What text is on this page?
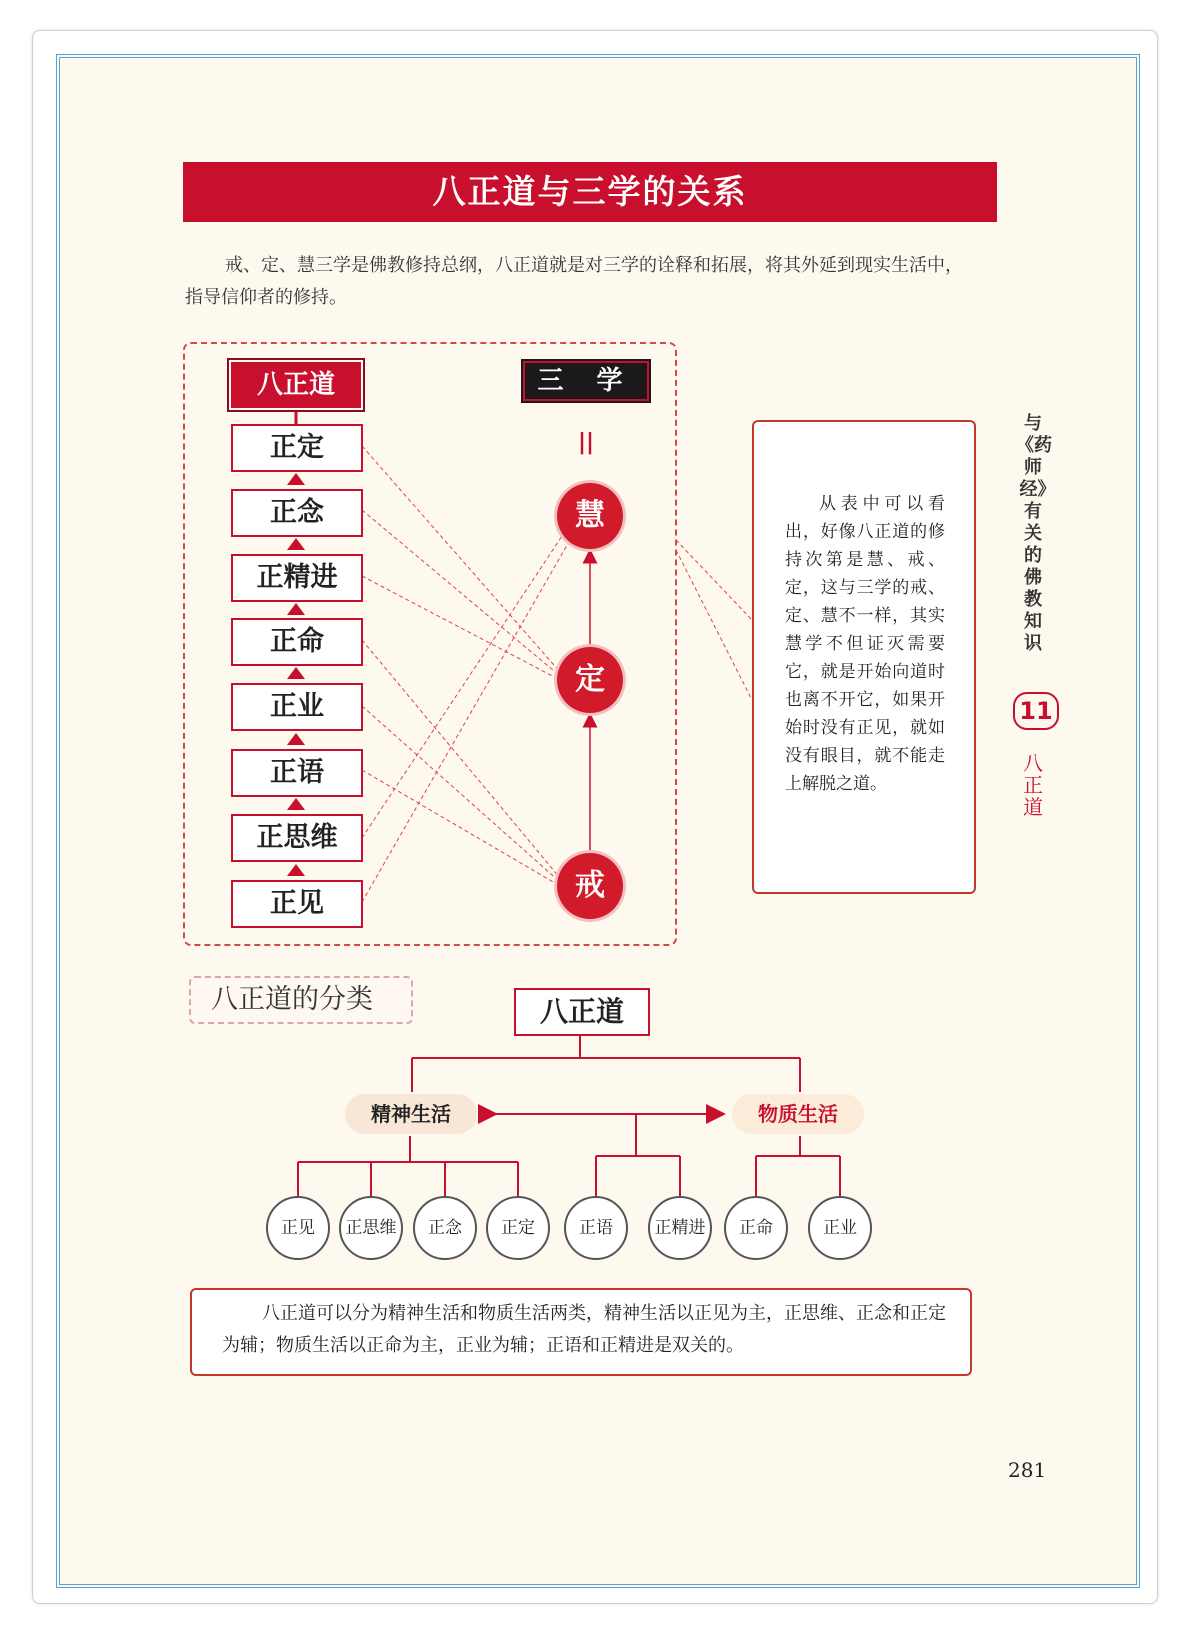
八正道与三学的关系
戒、定、慧三学是佛教修持总纲，八正道就是对三学的诠释和拓展，将其外延到现实生活中，指导信仰者的修持。
八正道	三 学
||
正定
正念
正精进
正命
正业
正语
正思维
正见
慧
定
戒
从表中可以看出，好像八正道的修持次第是慧、戒、定，这与三学的戒、定、慧不一样，其实慧学不但证灭需要它，就是开始向道时也离不开它，如果开始时没有正见，就如没有眼目，就不能走上解脱之道。
与《药师经》有关的佛教知识
11
八正道
八正道的分类	八正道
精神生活	物质生活
正见	正思维	正念	正定	正语	正精进	正命	正业
八正道可以分为精神生活和物质生活两类，精神生活以正见为主，正思维、正念和正定为辅；物质生活以正命为主，正业为辅；正语和正精进是双关的。
281
